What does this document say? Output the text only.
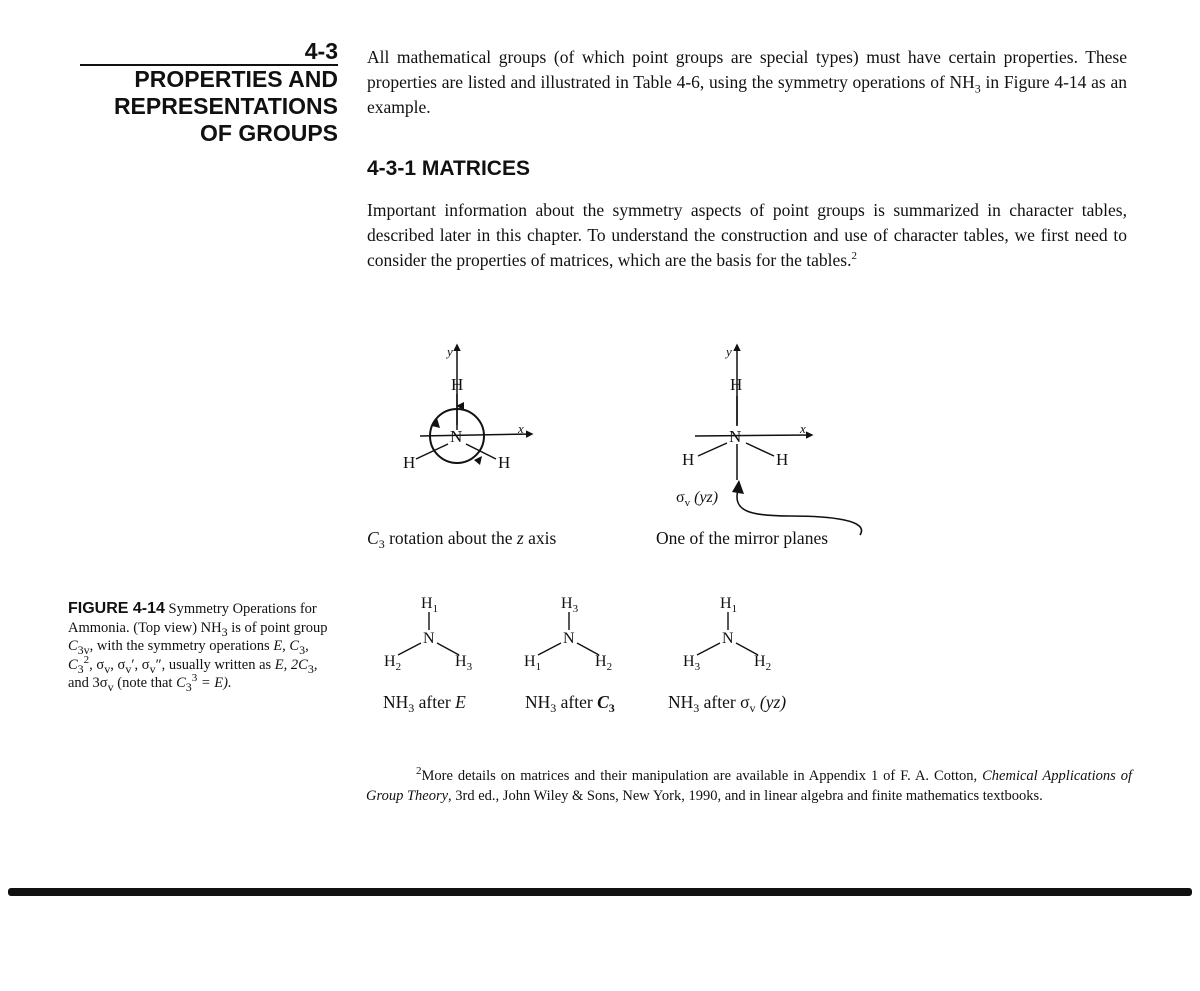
4-3
PROPERTIES AND
REPRESENTATIONS
OF GROUPS
All mathematical groups (of which point groups are special types) must have certain properties. These properties are listed and illustrated in Table 4-6, using the symmetry operations of $NH_3$ in Figure 4-14 as an example.
4-3-1 MATRICES
Important information about the symmetry aspects of point groups is summarized in character tables, described later in this chapter. To understand the construction and use of character tables, we first need to consider the properties of matrices, which are the basis for the tables.$^2$
y
x
H
N
H	H
y
x
H
N
H	H
$\sigma_v$ (yz)
$C_3$ rotation about the z axis	One of the mirror planes
$H_1$
N
$H_2$	$H_3$
$NH_3$ after E
$H_3$
N
$H_1$	$H_2$
$NH_3$ after $C_3$
$H_1$
N
$H_3$	$H_2$
$NH_3$ after $\sigma_v$ (yz)
FIGURE 4-14 Symmetry Operations for Ammonia. (Top view) $NH_3$ is of point group $C_{3v}$, with the symmetry operations E, $C_3$, $C_3^2$, $\sigma_v$, $\sigma_v'$, $\sigma_v''$, usually written as E, $2C_3$, and $3\sigma_v$ (note that $C_3^3 = E$).
$^2$More details on matrices and their manipulation are available in Appendix 1 of F. A. Cotton, Chemical Applications of Group Theory, 3rd ed., John Wiley & Sons, New York, 1990, and in linear algebra and finite mathematics textbooks.
